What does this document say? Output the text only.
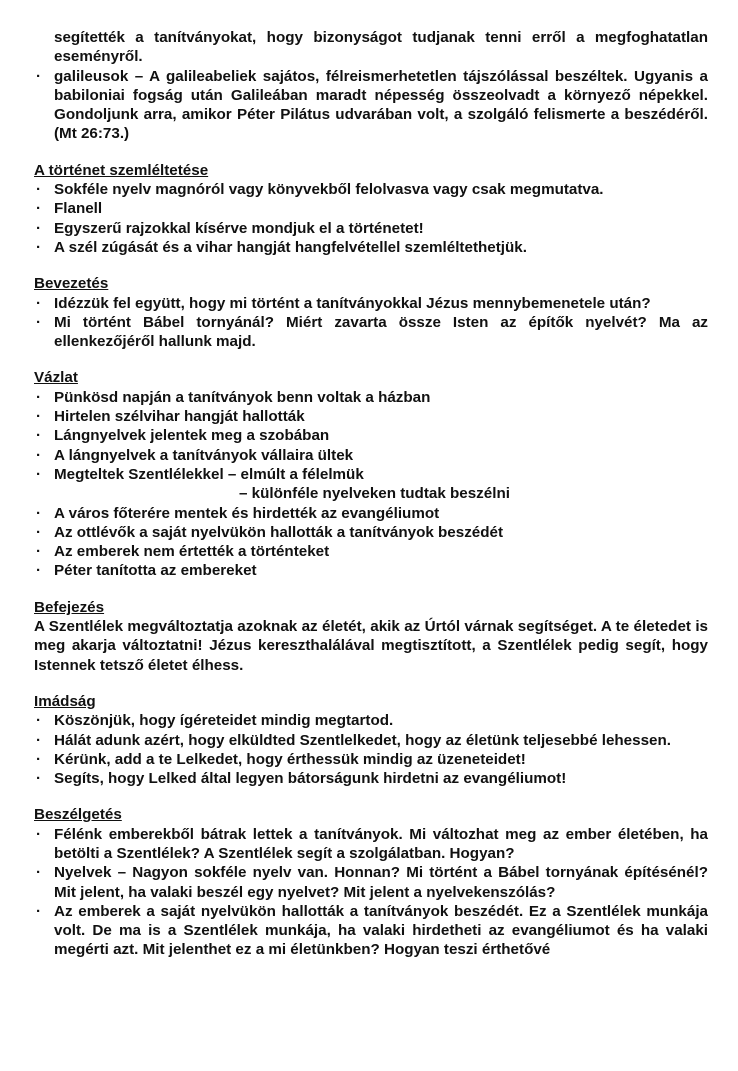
segítették a tanítványokat, hogy bizonyságot tudjanak tenni erről a megfoghatatlan eseményről.

· galileusok – A galileabeliek sajátos, félreismerhetetlen tájszólással beszéltek. Ugyanis a babiloniai fogság után Galileában maradt népesség összeolvadt a környező népekkel. Gondoljunk arra, amikor Péter Pilátus udvarában volt, a szolgáló felismerte a beszédéről. (Mt 26:73.)

A történet szemléltetése

· Sokféle nyelv magnóról vagy könyvekből felolvasva vagy csak megmutatva.
· Flanell
· Egyszerű rajzokkal kísérve mondjuk el a történetet!
· A szél zúgását és a vihar hangját hangfelvétellel szemléltethetjük.

Bevezetés

· Idézzük fel együtt, hogy mi történt a tanítványokkal Jézus mennybemenetele után?
· Mi történt Bábel tornyánál? Miért zavarta össze Isten az építők nyelvét? Ma az ellenkezőjéről hallunk majd.

Vázlat

· Pünkösd napján a tanítványok benn voltak a házban
· Hirtelen szélvihar hangját hallották
· Lángnyelvek jelentek meg a szobában
· A lángnyelvek a tanítványok vállaira ültek
· Megteltek Szentlélekkel – elmúlt a félelmük
– különféle nyelveken tudtak beszélni
· A város főterére mentek és hirdették az evangéliumot
· Az ottlévők a saját nyelvükön hallották a tanítványok beszédét
· Az emberek nem értették a történteket
· Péter tanította az embereket

Befejezés

A Szentlélek megváltoztatja azoknak az életét, akik az Úrtól várnak segítséget. A te életedet is meg akarja változtatni! Jézus kereszthalálával megtisztított, a Szentlélek pedig segít, hogy Istennek tetsző életet élhess.

Imádság

· Köszönjük, hogy ígéreteidet mindig megtartod.
· Hálát adunk azért, hogy elküldted Szentlelkedet, hogy az életünk teljesebbé lehessen.
· Kérünk, add a te Lelkedet, hogy érthessük mindig az üzeneteidet!
· Segíts, hogy Lelked által legyen bátorságunk hirdetni az evangéliumot!

Beszélgetés

· Félénk emberekből bátrak lettek a tanítványok. Mi változhat meg az ember életében, ha betölti a Szentlélek? A Szentlélek segít a szolgálatban. Hogyan?
· Nyelvek – Nagyon sokféle nyelv van. Honnan? Mi történt a Bábel tornyának építésénél? Mit jelent, ha valaki beszél egy nyelvet? Mit jelent a nyelvekenszólás?
· Az emberek a saját nyelvükön hallották a tanítványok beszédét. Ez a Szentlélek munkája volt. De ma is a Szentlélek munkája, ha valaki hirdetheti az evangéliumot és ha valaki megérti azt. Mit jelenthet ez a mi életünkben? Hogyan teszi érthetővé
